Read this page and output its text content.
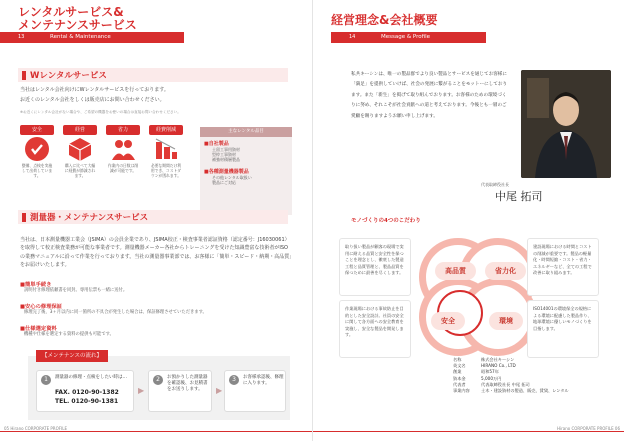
レンタルサービス&
メンテナンスサービス
13	Rental & Maintenance
Wレンタルサービス
当社はレンタル会社向けにWレンタルサービスを行っております。
お近くのレンタル会社をしくは販売店にお問い合わせください。
※お近くにレンタル会社がない場合や、ご希望の機器をお使いの場合は直接お問い合わせください。
安全
整備、点検を実施して出荷しています。
経営
購入に比べて大幅に経費が節減されます。
省力
作業内の日数は削減が可能です。
経費削減
必要な期間だけ利用でき、コストダウンが図れます。
主なレンタル品目
■自社製品
土留工事用資材
型枠工事資材
補強材積層製品
■各種測量機器製品
その他レンタル取扱い
製品にご対応
測量器・メンテナンスサービス
当社は、日本測量機器工業会（JSIMA）の会員企業であり、JSIMA校正・検査事業者認証資格（認定番号：J16030061）を取得して校正検査業務が可能な事業者です。測量機器メーカー各社からトレーニングを受けた知識豊富な技術者がISOの業務マニュアルに沿って作業を行っております。当社の測量器事業部では、お客様に「簡単・スピード・納期・高品質」をお届けいたします。
■簡単手続き
説明付き修理依頼書を同封。専用伝票も一緒に送付。
■安心の修理保証
修理完了後、3ヶ月以内に同一箇所の不具合が発生した場合は、保証修理させていただきます。
■仕様選定資料
機種や仕様を選定する資料の提供も可能です。
【メンテナンスの流れ】
1	測量器の修理・点検をしたい時は…
FAX. 0120-90-1382
TEL. 0120-90-1381
▶
2	お預かりした測量器を確認後、お見積書をお送りします。	▶
3	お客様承認後、修理に入ります。
05 Hirano CORPORATE PROFILE
経営理念&会社概要
14	Message & Profile
私共キーシンは、唯一の製品群でより良い製品とサービスを通じてお客様に「満足」を提供していけば、社会の発展に繋がることをモットーにしております。また「新生」を掲げて取り組んでおります。お客様のための環境づくりに努め、それこそが社会貢献への道と考えております。今後とも一層のご愛顧を賜りますようお願い申し上げます。
代表取締役社長
中尾 拓司
モノづくりの4つのこだわり
高品質	省力化
安全	環境
取り扱い製品が顧客の現場で実用に耐える品質と安全性を保つことを理念とし、徹底した製造工程と品質管理と、製品品質を保つために最善を尽くします。
建設現場における時間とコストの削減が重要です。製品の軽量化・時間短縮・コスト・省力・エネルギーなど、全ての工程で改善に取り組みます。
作業現場における事故防止を目的とした安全設計。社員の安全に関して各方面への安全教育を実施し、安全な製品を開発します。
ISO14001の環境保全の規格による環境に配慮した製品作り、地球環境に優しいモノづくりを目指します。
名称	株式会社キーシン
英文名	HIRANO Co., LTD
創業	昭和57年
資本金	5,000万円
代表者	代表取締役社長 中尾 拓司
事業内容	土木・建設資材の製造、販売、賃貸、レンタル
Hirano CORPORATE PROFILE 06
